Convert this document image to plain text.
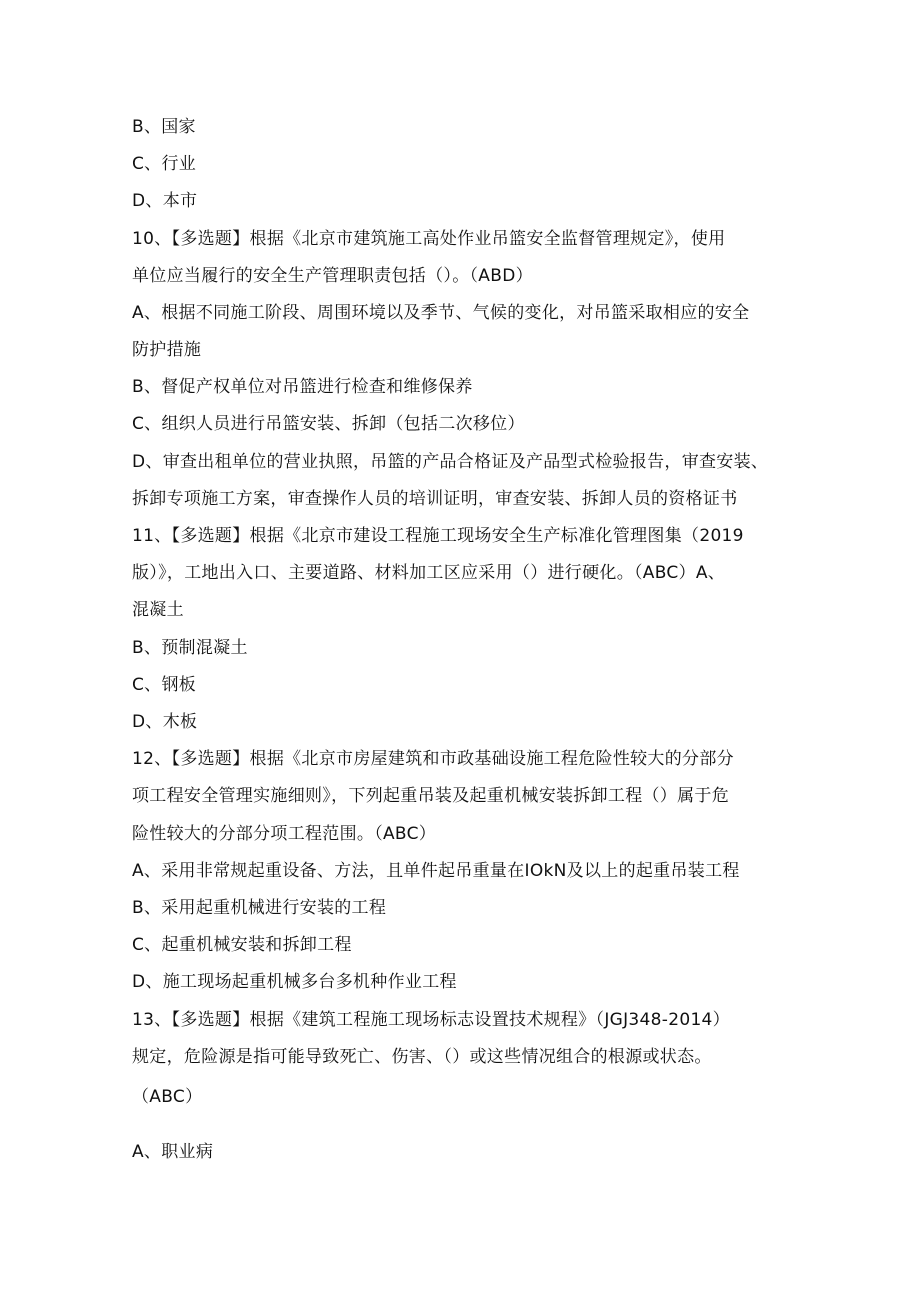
B、国家
C、行业
D、本市
10、【多选题】根据《北京市建筑施工高处作业吊篮安全监督管理规定》，使用
单位应当履行的安全生产管理职责包括（）。（ABD）
A、根据不同施工阶段、周围环境以及季节、气候的变化，对吊篮采取相应的安全
防护措施
B、督促产权单位对吊篮进行检查和维修保养
C、组织人员进行吊篮安装、拆卸（包括二次移位）
D、审查出租单位的营业执照，吊篮的产品合格证及产品型式检验报告，审查安装、
拆卸专项施工方案，审查操作人员的培训证明，审查安装、拆卸人员的资格证书
11、【多选题】根据《北京市建设工程施工现场安全生产标准化管理图集（2019
版）》，工地出入口、主要道路、材料加工区应采用（）进行硬化。（ABC）A、
混凝土
B、预制混凝土
C、钢板
D、木板
12、【多选题】根据《北京市房屋建筑和市政基础设施工程危险性较大的分部分
项工程安全管理实施细则》，下列起重吊装及起重机械安装拆卸工程（）属于危
险性较大的分部分项工程范围。（ABC）
A、采用非常规起重设备、方法，且单件起吊重量在IOkN及以上的起重吊装工程
B、采用起重机械进行安装的工程
C、起重机械安装和拆卸工程
D、施工现场起重机械多台多机种作业工程
13、【多选题】根据《建筑工程施工现场标志设置技术规程》（JGJ348-2014）
规定，危险源是指可能导致死亡、伤害、（）或这些情况组合的根源或状态。
（ABC）
A、职业病
